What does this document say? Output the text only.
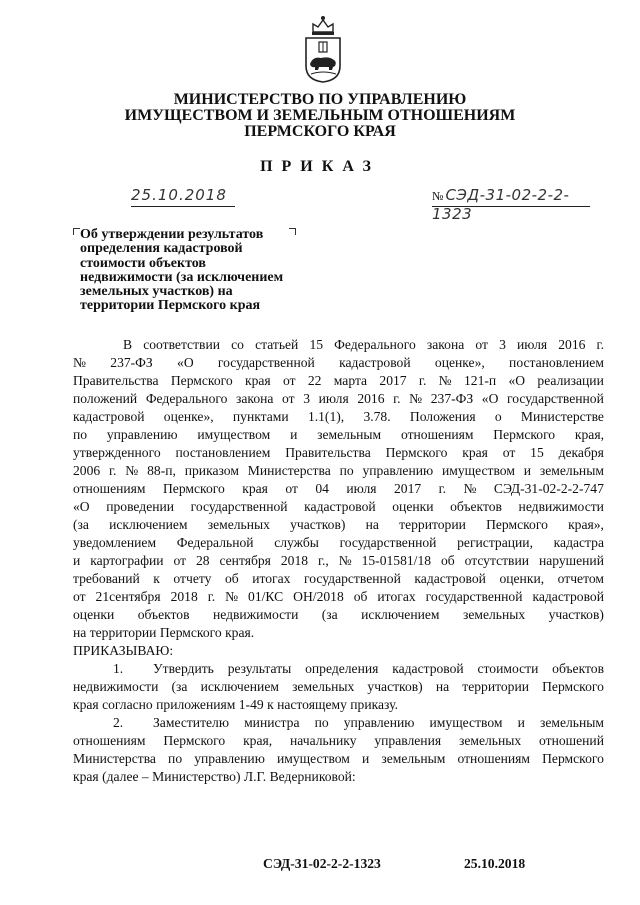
МИНИСТЕРСТВО ПО УПРАВЛЕНИЮ
ИМУЩЕСТВОМ И ЗЕМЕЛЬНЫМ ОТНОШЕНИЯМ
ПЕРМСКОГО КРАЯ
ПРИКАЗ
25.10.2018	№ СЭД-31-02-2-2-1323
Об утверждении результатов
определения кадастровой
стоимости объектов
недвижимости (за исключением
земельных участков) на
территории Пермского края
В соответствии со статьей 15 Федерального закона от 3 июля 2016 г.
№ 237-ФЗ «О государственной кадастровой оценке», постановлением
Правительства Пермского края от 22 марта 2017 г. № 121-п «О реализации
положений Федерального закона от 3 июля 2016 г. № 237-ФЗ «О государственной
кадастровой оценке», пунктами 1.1(1), 3.78. Положения о Министерстве
по управлению имуществом и земельным отношениям Пермского края,
утвержденного постановлением Правительства Пермского края от 15 декабря
2006 г. № 88-п, приказом Министерства по управлению имуществом и земельным
отношениям Пермского края от 04 июля 2017 г. № СЭД-31-02-2-2-747
«О проведении государственной кадастровой оценки объектов недвижимости
(за исключением земельных участков) на территории Пермского края»,
уведомлением Федеральной службы государственной регистрации, кадастра
и картографии от 28 сентября 2018 г., № 15-01581/18 об отсутствии нарушений
требований к отчету об итогах государственной кадастровой оценки, отчетом
от 21сентября 2018 г. № 01/КС ОН/2018 об итогах государственной кадастровой
оценки объектов недвижимости (за исключением земельных участков)
на территории Пермского края.
ПРИКАЗЫВАЮ:
1.	Утвердить результаты определения кадастровой стоимости объектов
недвижимости (за исключением земельных участков) на территории Пермского
края согласно приложениям 1-49 к настоящему приказу.
2.	Заместителю министра по управлению имуществом и земельным
отношениям Пермского края, начальнику управления земельных отношений
Министерства по управлению имуществом и земельным отношениям Пермского
края (далее – Министерство) Л.Г. Ведерниковой:
СЭД-31-02-2-2-1323	25.10.2018
